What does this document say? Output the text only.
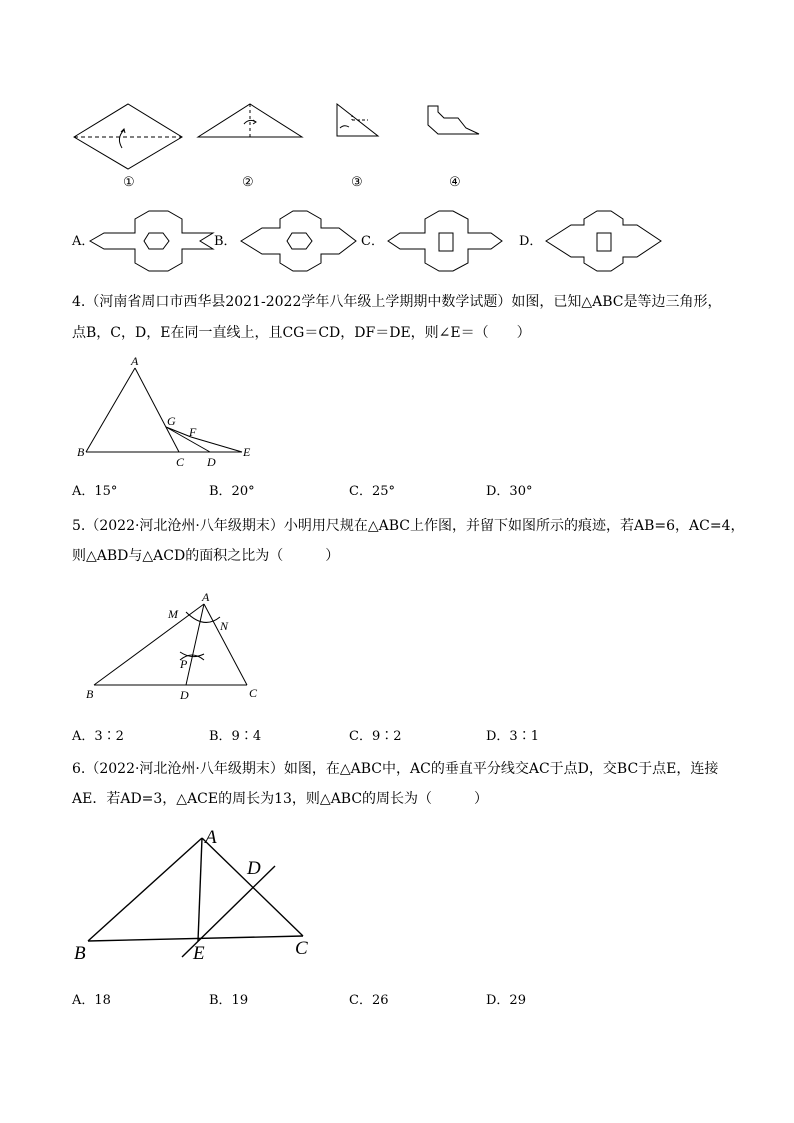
①	②	③	④
A．	B．	C．	D．
4.（河南省周口市西华县2021-2022学年八年级上学期期中数学试题）如图，已知△ABC是等边三角形，
点B，C，D，E在同一直线上，且CG＝CD，DF＝DE，则∠E＝（　　）
A
G
F
B
C D
E
A．15°	B．20°	C．25°	D．30°
5.（2022·河北沧州·八年级期末）小明用尺规在△ABC上作图，并留下如图所示的痕迹，若AB=6，AC=4，
则△ABD与△ACD的面积之比为（　　　）
A
M
N
P
B	D	C
A．3∶2	B．9∶4	C．9∶2	D．3∶1
6.（2022·河北沧州·八年级期末）如图，在△ABC中，AC的垂直平分线交AC于点D，交BC于点E，连接
AE．若AD=3，△ACE的周长为13，则△ABC的周长为（　　　）
A
D
B	E	C
A．18	B．19	C．26	D．29
